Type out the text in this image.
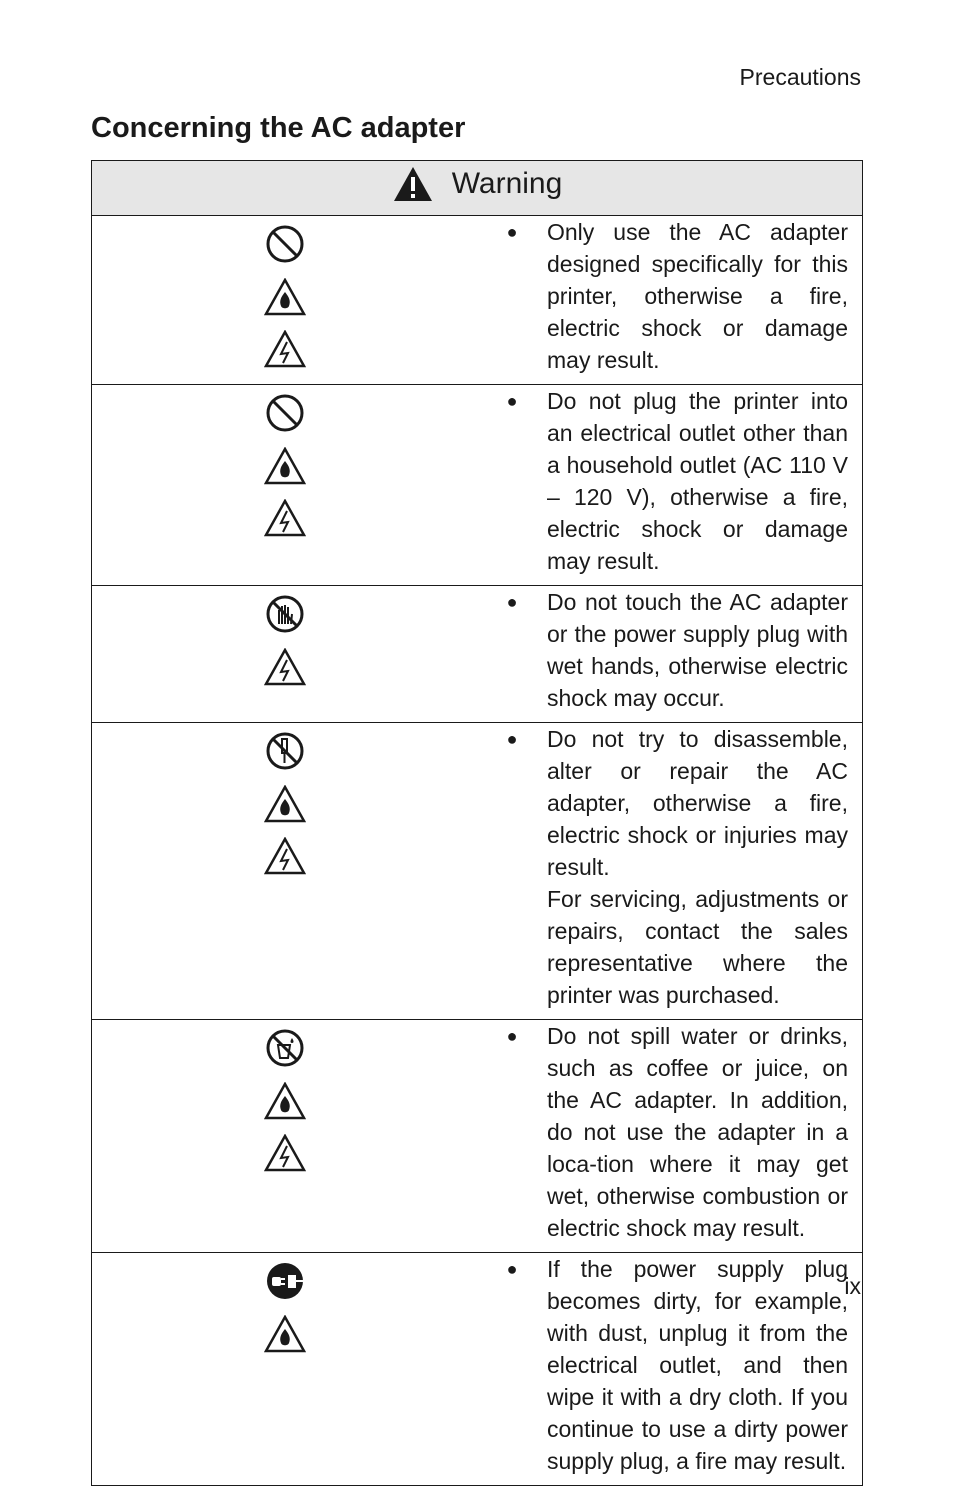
Precautions
Concerning the AC adapter
Warning	

● Only use the AC adapter designed specifically for this printer, otherwise a fire, electric shock or damage may result.

● Do not plug the printer into an electrical outlet other than a household outlet (AC 110 V – 120 V), otherwise a fire, electric shock or damage may result.

● Do not touch the AC adapter or the power supply plug with wet hands, otherwise electric shock may occur.

● Do not try to disassemble, alter or repair the AC adapter, otherwise a fire, electric shock or injuries may result.

For servicing, adjustments or repairs, contact the sales representative where the printer was purchased.

● Do not spill water or drinks, such as coffee or juice, on the AC adapter. In addition, do not use the adapter in a loca-tion where it may get wet, otherwise combustion or electric shock may result.

● If the power supply plug becomes dirty, for example, with dust, unplug it from the electrical outlet, and then wipe it with a dry cloth. If you continue to use a dirty power supply plug, a fire may result.

ix
